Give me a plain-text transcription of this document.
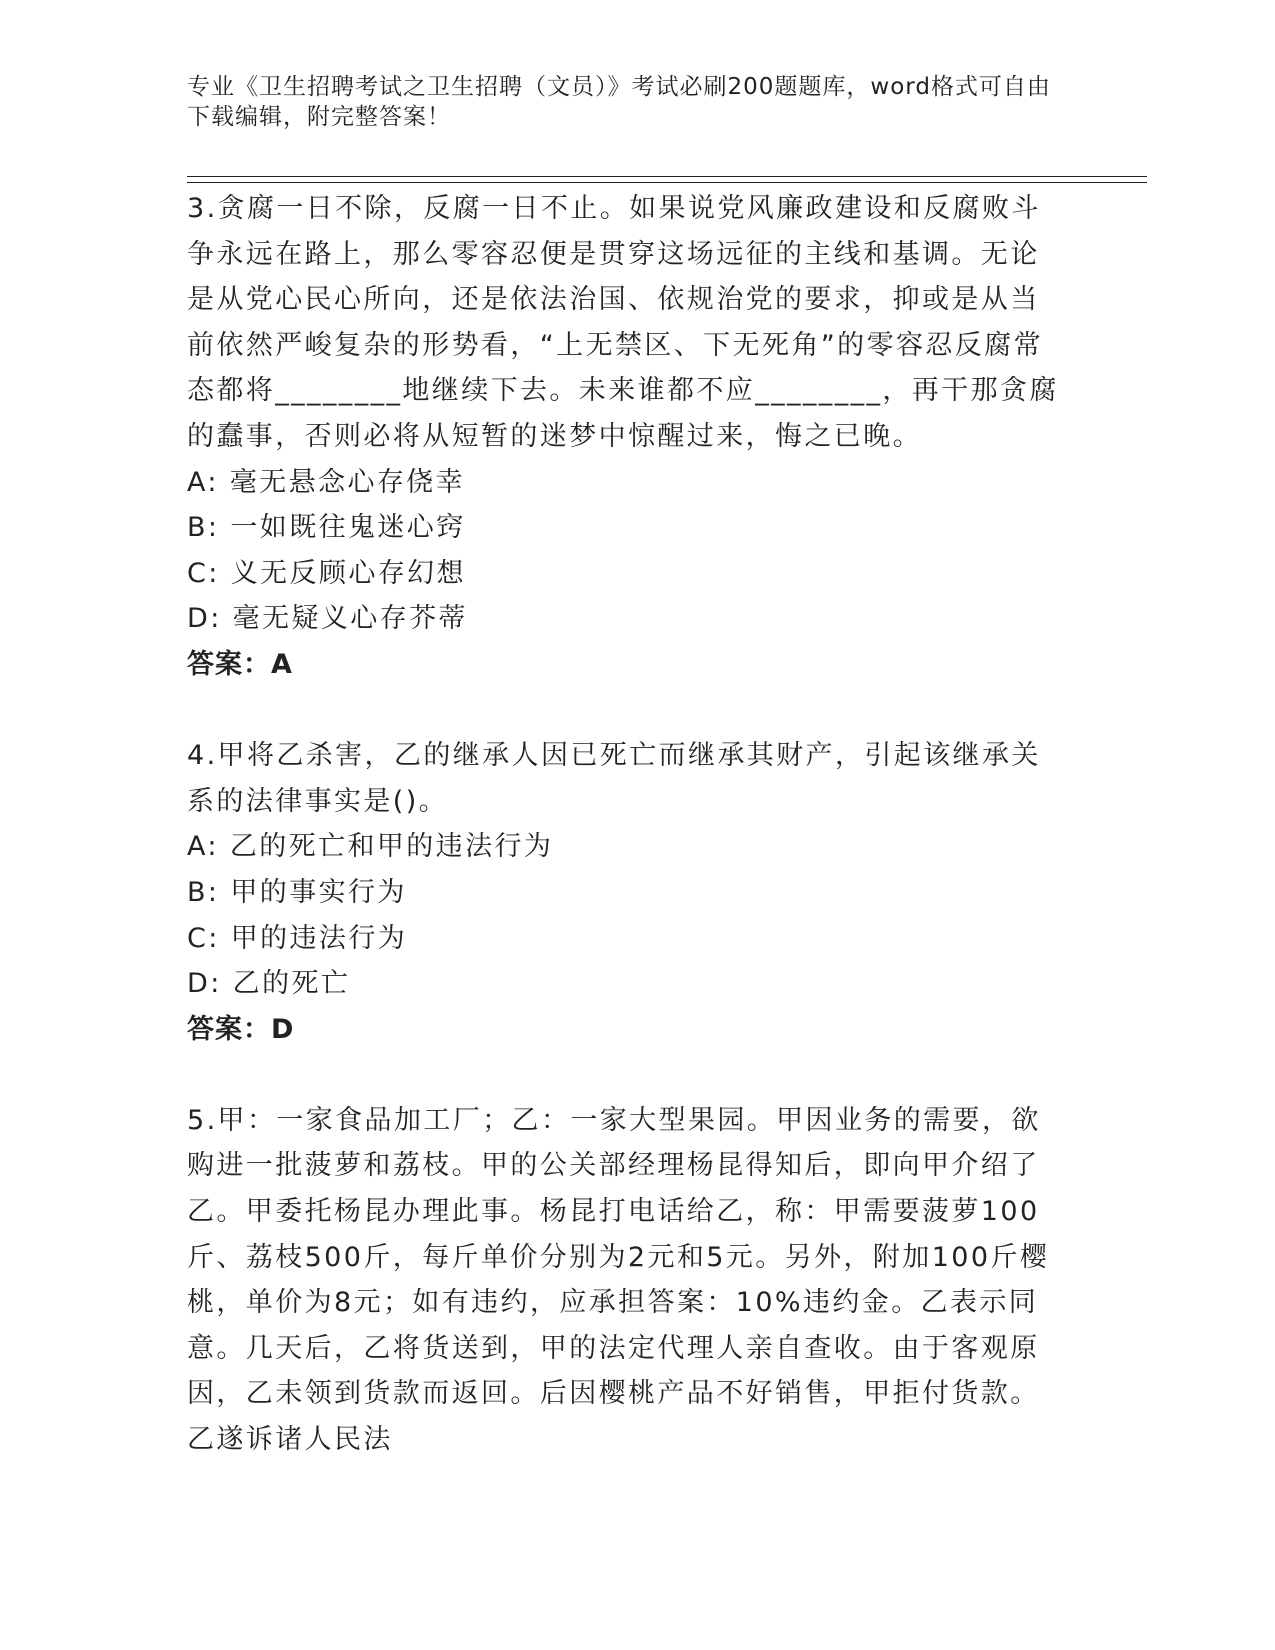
专业《卫生招聘考试之卫生招聘（文员）》考试必刷200题题库，word格式可自由下载编辑，附完整答案！

3.贪腐一日不除，反腐一日不止。如果说党风廉政建设和反腐败斗争永远在路上，那么零容忍便是贯穿这场远征的主线和基调。无论是从党心民心所向，还是依法治国、依规治党的要求，抑或是从当前依然严峻复杂的形势看，“上无禁区、下无死角”的零容忍反腐常态都将________地继续下去。未来谁都不应________，再干那贪腐的蠢事，否则必将从短暂的迷梦中惊醒过来，悔之已晚。

A: 毫无悬念心存侥幸

B: 一如既往鬼迷心窍

C: 义无反顾心存幻想

D: 毫无疑义心存芥蒂

答案：A

4.甲将乙杀害，乙的继承人因已死亡而继承其财产，引起该继承关系的法律事实是()。

A: 乙的死亡和甲的违法行为

B: 甲的事实行为

C: 甲的违法行为

D: 乙的死亡

答案：D

5.甲：一家食品加工厂；乙：一家大型果园。甲因业务的需要，欲购进一批菠萝和荔枝。甲的公关部经理杨昆得知后，即向甲介绍了乙。甲委托杨昆办理此事。杨昆打电话给乙，称：甲需要菠萝100斤、荔枝500斤，每斤单价分别为2元和5元。另外，附加100斤樱桃，单价为8元；如有违约，应承担答案：10%违约金。乙表示同意。几天后，乙将货送到，甲的法定代理人亲自查收。由于客观原因，乙未领到货款而返回。后因樱桃产品不好销售，甲拒付货款。乙遂诉诸人民法
